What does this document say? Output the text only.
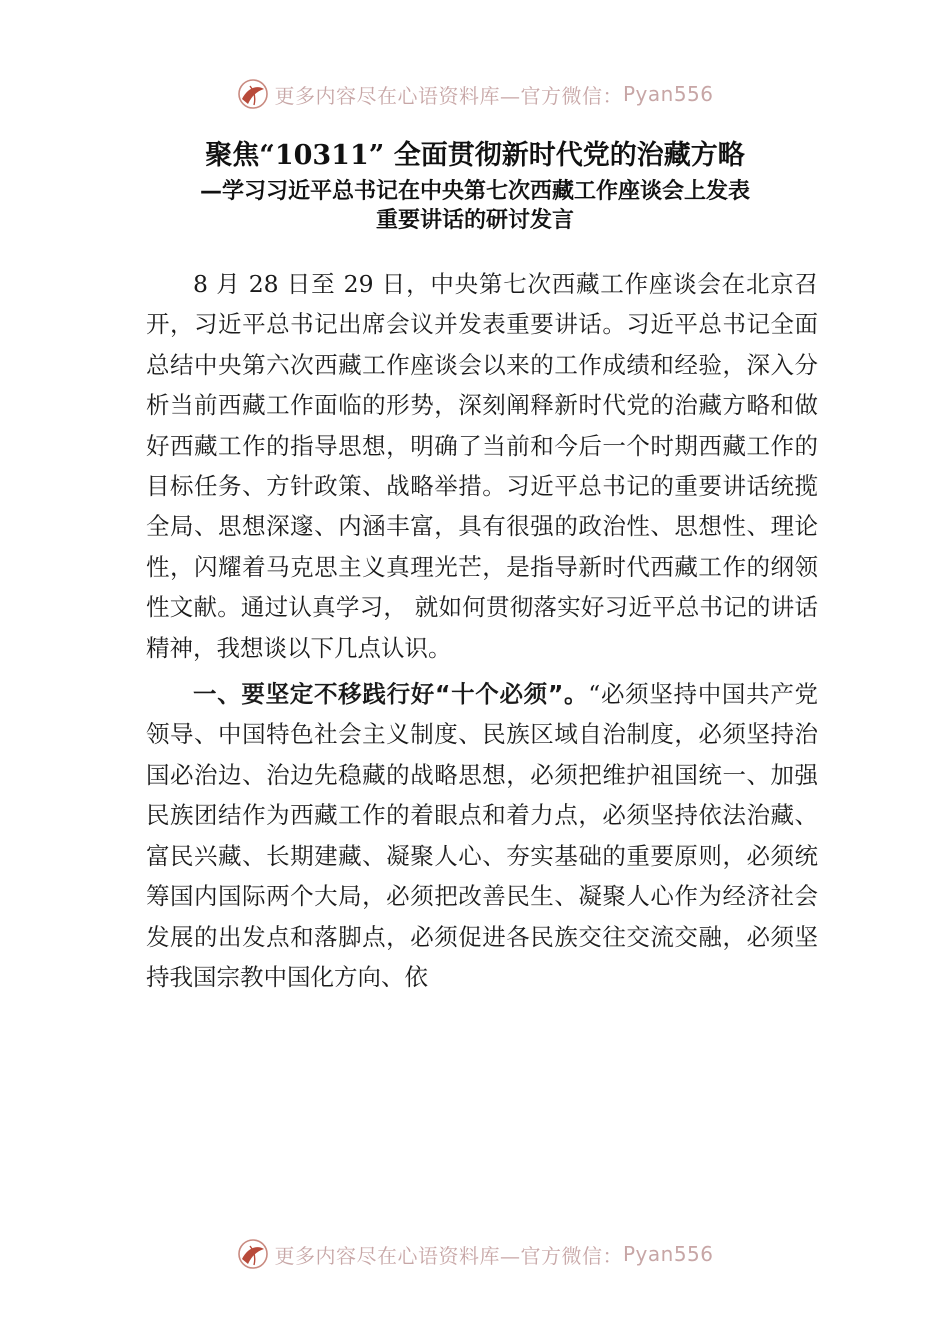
更多内容尽在心语资料库—官方微信： Pyan556
聚焦“10311” 全面贯彻新时代党的治藏方略
—学习习近平总书记在中央第七次西藏工作座谈会上发表
重要讲话的研讨发言

8 月 28 日至 29 日，中央第七次西藏工作座谈会在北京召开，习近平总书记出席会议并发表重要讲话。习近平总书记全面总结中央第六次西藏工作座谈会以来的工作成绩和经验，深入分析当前西藏工作面临的形势，深刻阐释新时代党的治藏方略和做好西藏工作的指导思想，明确了当前和今后一个时期西藏工作的目标任务、方针政策、战略举措。习近平总书记的重要讲话统揽全局、思想深邃、内涵丰富，具有很强的政治性、思想性、理论性，闪耀着马克思主义真理光芒，是指导新时代西藏工作的纲领性文献。通过认真学习， 就如何贯彻落实好习近平总书记的讲话精神，我想谈以下几点认识。

一、要坚定不移践行好“十个必须”。“必须坚持中国共产党领导、中国特色社会主义制度、民族区域自治制度，必须坚持治国必治边、治边先稳藏的战略思想，必须把维护祖国统一、加强民族团结作为西藏工作的着眼点和着力点，必须坚持依法治藏、富民兴藏、长期建藏、凝聚人心、夯实基础的重要原则，必须统筹国内国际两个大局，必须把改善民生、凝聚人心作为经济社会发展的出发点和落脚点，必须促进各民族交往交流交融，必须坚持我国宗教中国化方向、依

更多内容尽在心语资料库—官方微信： Pyan556
